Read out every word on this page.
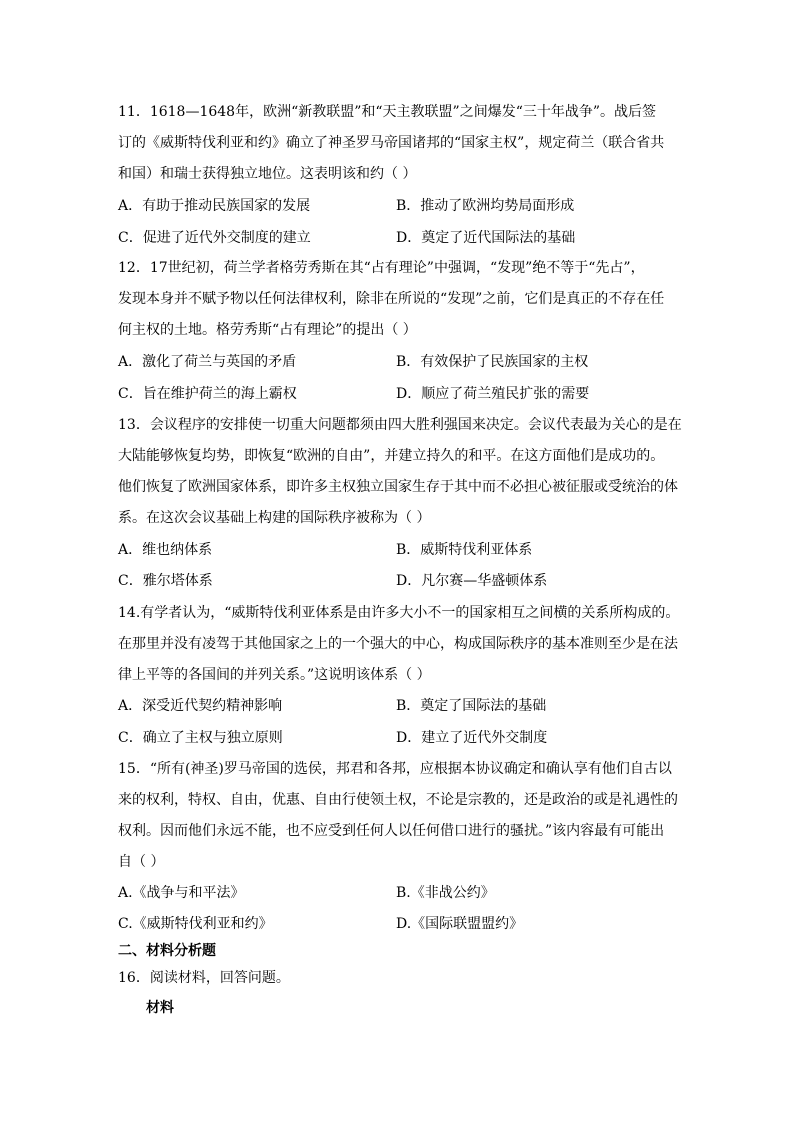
11．1618—1648年，欧洲“新教联盟”和“天主教联盟”之间爆发“三十年战争”。战后签
订的《威斯特伐利亚和约》确立了神圣罗马帝国诸邦的“国家主权”，规定荷兰（联合省共
和国）和瑞士获得独立地位。这表明该和约（ ）
A．有助于推动民族国家的发展	B．推动了欧洲均势局面形成
C．促进了近代外交制度的建立	D．奠定了近代国际法的基础
12．17世纪初，荷兰学者格劳秀斯在其“占有理论”中强调，“发现”绝不等于“先占”，
发现本身并不赋予物以任何法律权利，除非在所说的“发现”之前，它们是真正的不存在任
何主权的土地。格劳秀斯“占有理论”的提出（ ）
A．激化了荷兰与英国的矛盾	B．有效保护了民族国家的主权
C．旨在维护荷兰的海上霸权	D．顺应了荷兰殖民扩张的需要
13．会议程序的安排使一切重大问题都须由四大胜利强国来决定。会议代表最为关心的是在
大陆能够恢复均势，即恢复“欧洲的自由”，并建立持久的和平。在这方面他们是成功的。
他们恢复了欧洲国家体系，即许多主权独立国家生存于其中而不必担心被征服或受统治的体
系。在这次会议基础上构建的国际秩序被称为（ ）
A．维也纳体系	B．威斯特伐利亚体系
C．雅尔塔体系	D．凡尔赛—华盛顿体系
14.有学者认为，“威斯特伐利亚体系是由许多大小不一的国家相互之间横的关系所构成的。
在那里并没有凌驾于其他国家之上的一个强大的中心，构成国际秩序的基本准则至少是在法
律上平等的各国间的并列关系。”这说明该体系（ ）
A．深受近代契约精神影响	B．奠定了国际法的基础
C．确立了主权与独立原则	D．建立了近代外交制度
15．“所有(神圣)罗马帝国的选侯，邦君和各邦，应根据本协议确定和确认享有他们自古以
来的权利，特权、自由，优惠、自由行使领土权，不论是宗教的，还是政治的或是礼遇性的
权利。因而他们永远不能，也不应受到任何人以任何借口进行的骚扰。”该内容最有可能出
自（ ）
A.《战争与和平法》	B.《非战公约》
C.《威斯特伐利亚和约》	D.《国际联盟盟约》
二、材料分析题
16．阅读材料，回答问题。
材料
